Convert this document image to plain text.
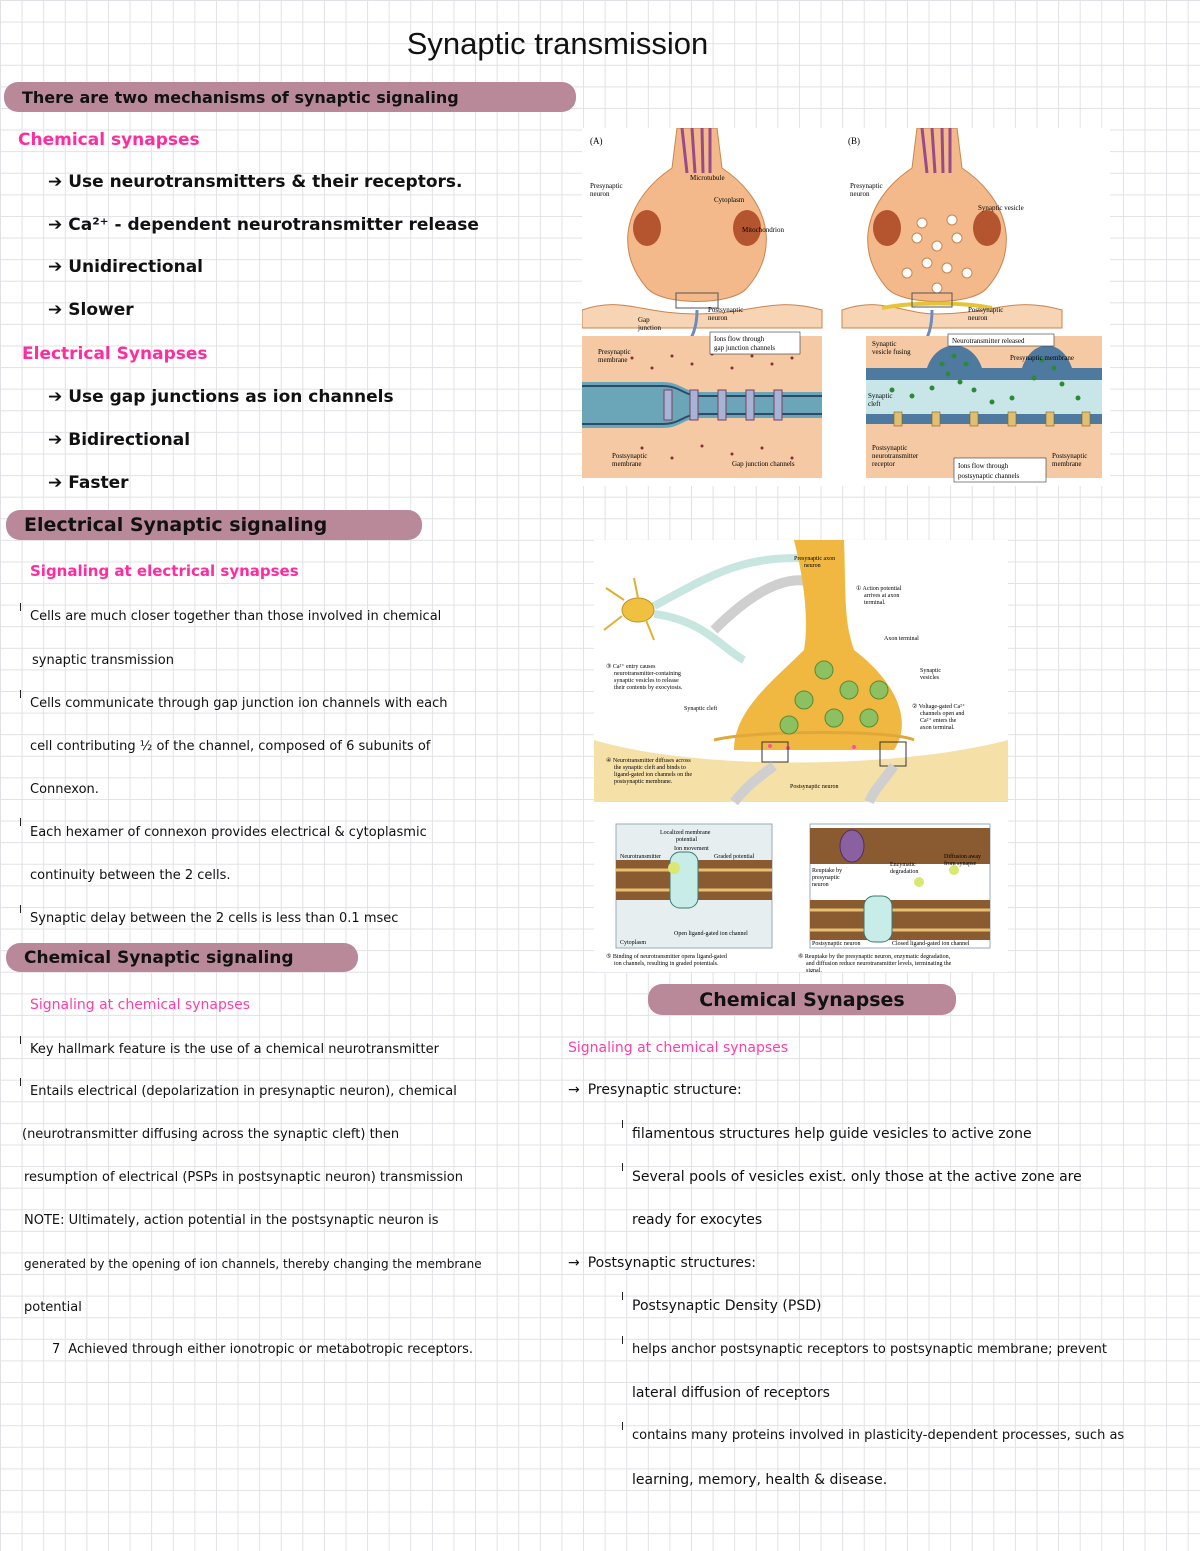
Synaptic transmission
There are two mechanisms of synaptic signaling
Chemical synapses
➔ Use neurotransmitters & their receptors.
➔ Ca²⁺ - dependent neurotransmitter release
➔ Unidirectional
➔ Slower
Electrical Synapses
➔ Use gap junctions as ion channels
➔ Bidirectional
➔ Faster
Electrical Synaptic signaling
Signaling at electrical synapses
Cells are much closer together than those involved in chemical
synaptic transmission
Cells communicate through gap junction ion channels with each
cell contributing ½ of the channel, composed of 6 subunits of
Connexon.
Each hexamer of connexon provides electrical & cytoplasmic
continuity between the 2 cells.
Synaptic delay between the 2 cells is less than 0.1 msec
Chemical Synaptic signaling
Signaling at chemical synapses
Key hallmark feature is the use of a chemical neurotransmitter
Entails electrical (depolarization in presynaptic neuron), chemical
(neurotransmitter diffusing across the synaptic cleft) then
resumption of electrical (PSPs in postsynaptic neuron) transmission
NOTE: Ultimately, action potential in the postsynaptic neuron is
generated by the opening of ion channels, thereby changing the membrane
potential
7 Achieved through either ionotropic or metabotropic receptors.
Chemical Synapses
Signaling at chemical synapses
→ Presynaptic structure:
filamentous structures help guide vesicles to active zone
Several pools of vesicles exist. only those at the active zone are
ready for exocytes
→ Postsynaptic structures:
Postsynaptic Density (PSD)
helps anchor postsynaptic receptors to postsynaptic membrane; prevent
lateral diffusion of receptors
contains many proteins involved in plasticity-dependent processes, such as
learning, memory, health & disease.
(A)
Presynaptic
neuron
Microtubule
Cytoplasm
Mitochondrion
Postsynaptic
neuron
Gap
junction
Ions flow through
gap junction channels
Presynaptic
membrane
Postsynaptic
membrane	Gap junction channels
(B)
Presynaptic
neuron
Synaptic vesicle
Postsynaptic
neuron
Synaptic
vesicle fusing
Neurotransmitter released
Presynaptic membrane
Synaptic
cleft
Postsynaptic
neurotransmitter
receptor	Ions flow through
postsynaptic channels
Postsynaptic
membrane
Presynaptic axon
neuron
① Action potential
arrives at axon
terminal.
Axon terminal
Synaptic
vesicles
② Voltage-gated Ca²⁺
channels open and
Ca²⁺ enters the
axon terminal.
③ Ca²⁺ entry causes
neurotransmitter-containing
synaptic vesicles to release
their contents by exocytosis.
Synaptic cleft
④ Neurotransmitter diffuses across
the synaptic cleft and binds to
ligand-gated ion channels on the
postsynaptic membrane.
Postsynaptic neuron
Localized membrane
potential
Ion movement
Neurotransmitter	Graded potential
Open ligand-gated ion channel
Cytoplasm
Reuptake by
presynaptic
neuron
Enzymatic
degradation
Diffusion away
from synapse
Postsynaptic neuron	Closed ligand-gated ion channel
⑤ Binding of neurotransmitter opens ligand-gated
ion channels, resulting in graded potentials.
⑥ Reuptake by the presynaptic neuron, enzymatic degradation,
and diffusion reduce neurotransmitter levels, terminating the
signal.
